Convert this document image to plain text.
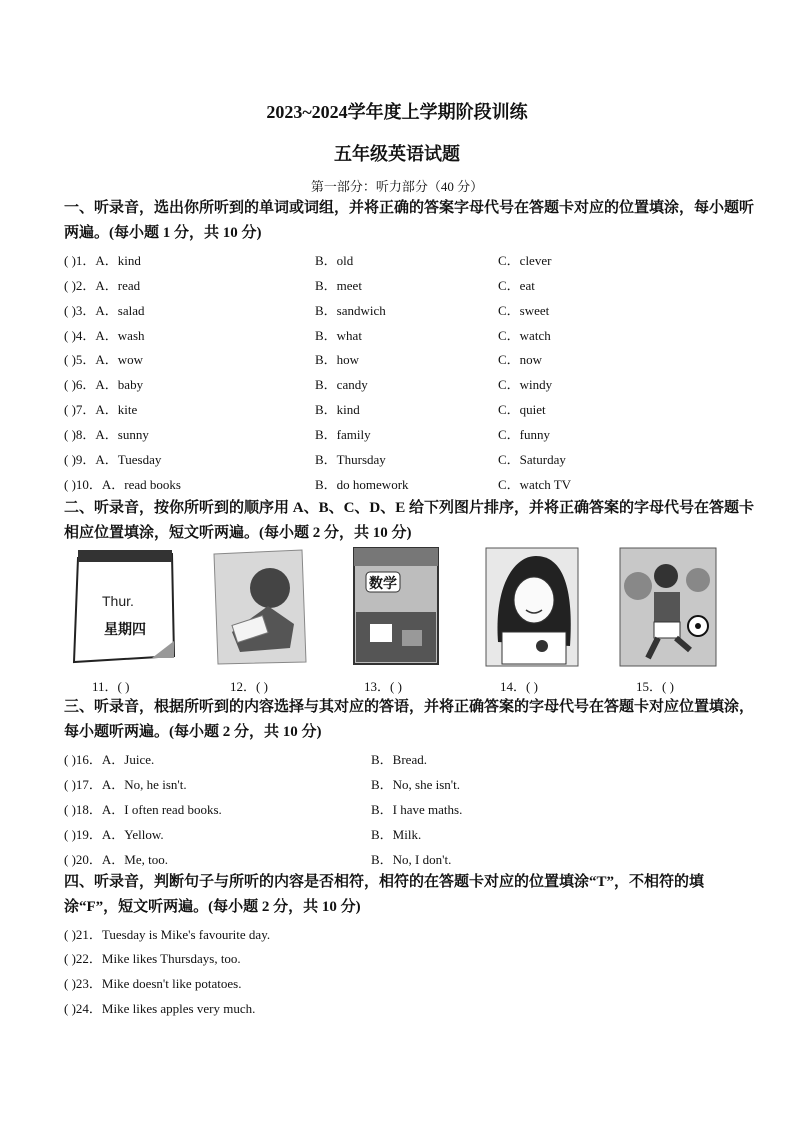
2023~2024学年度上学期阶段训练
五年级英语试题
第一部分：听力部分（40 分）
一、听录音，选出你所听到的单词或词组，并将正确的答案字母代号在答题卡对应的位置填涂，每小题听两遍。(每小题 1 分，共 10 分)
( )1．A．kind	B．old	C．clever
( )2．A．read	B．meet	C．eat
( )3．A．salad	B．sandwich	C．sweet
( )4．A．wash	B．what	C．watch
( )5．A．wow	B．how	C．now
( )6．A．baby	B．candy	C．windy
( )7．A．kite	B．kind	C．quiet
( )8．A．sunny	B．family	C．funny
( )9．A．Tuesday	B．Thursday	C．Saturday
( )10．A．read books	B．do homework	C．watch TV
二、听录音，按你所听到的顺序用 A、B、C、D、E 给下列图片排序，并将正确答案的字母代号在答题卡相应位置填涂，短文听两遍。(每小题 2 分，共 10 分)
Thur.
星期四
数学
11．( )	12．( )	13．( )	14．( )	15．( )
三、听录音，根据所听到的内容选择与其对应的答语，并将正确答案的字母代号在答题卡对应位置填涂，每小题听两遍。(每小题 2 分，共 10 分)
( )16．A．Juice.	B．Bread.
( )17．A．No, he isn't.	B．No, she isn't.
( )18．A．I often read books.	B．I have maths.
( )19．A．Yellow.	B．Milk.
( )20．A．Me, too.	B．No, I don't.
四、听录音，判断句子与所听的内容是否相符，相符的在答题卡对应的位置填涂“T”，不相符的填涂“F”，短文听两遍。(每小题 2 分，共 10 分)
( )21．Tuesday is Mike's favourite day.
( )22．Mike likes Thursdays, too.
( )23．Mike doesn't like potatoes.
( )24．Mike likes apples very much.
